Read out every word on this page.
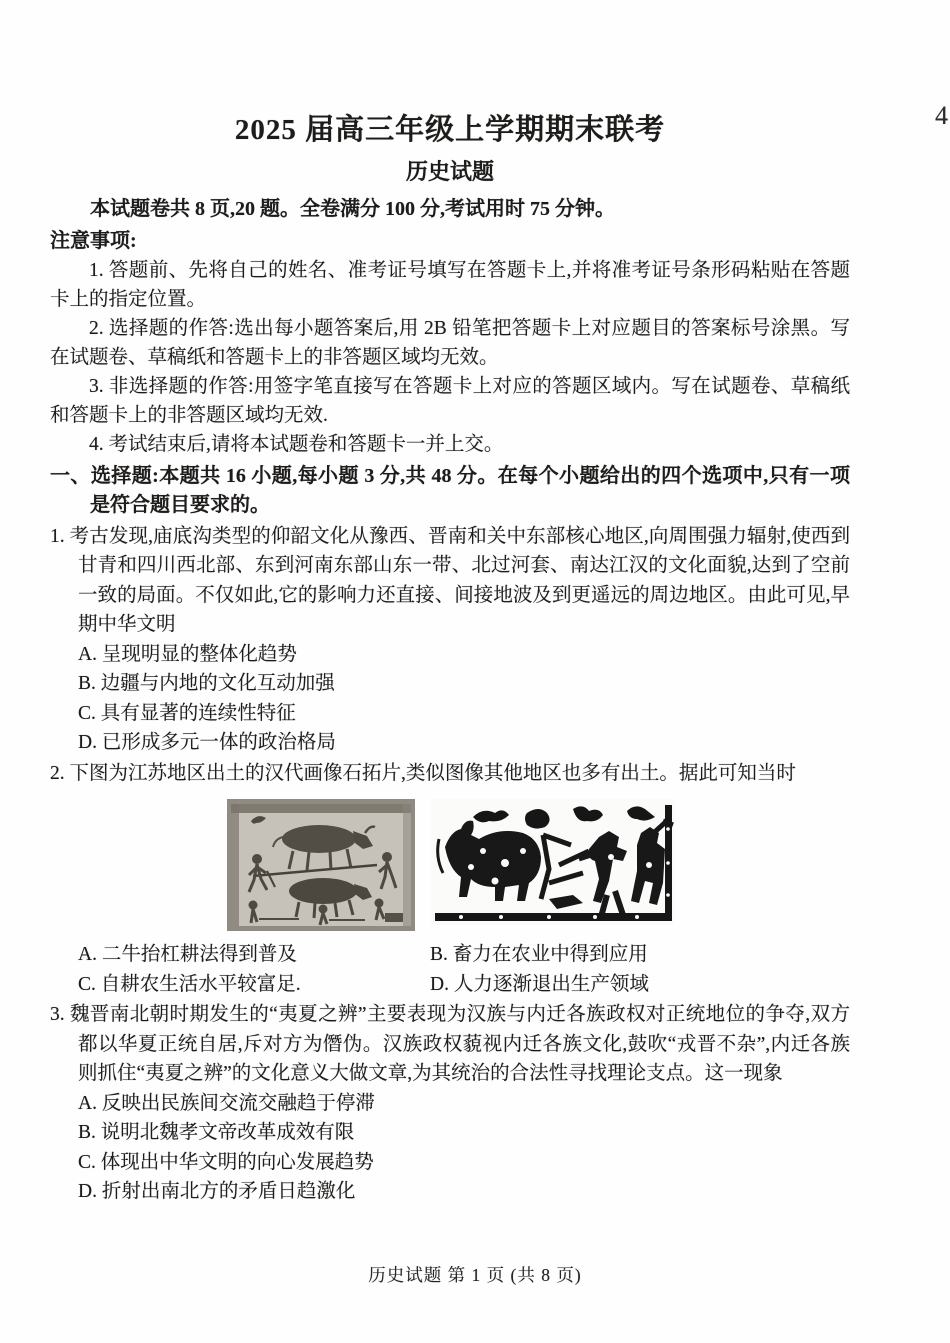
4
2025 届高三年级上学期期末联考
历史试题

本试题卷共 8 页,20 题。全卷满分 100 分,考试用时 75 分钟。

注意事项:

1. 答题前、先将自己的姓名、准考证号填写在答题卡上,并将准考证号条形码粘贴在答题卡上的指定位置。

2. 选择题的作答:选出每小题答案后,用 2B 铅笔把答题卡上对应题目的答案标号涂黑。写在试题卷、草稿纸和答题卡上的非答题区域均无效。

3. 非选择题的作答:用签字笔直接写在答题卡上对应的答题区域内。写在试题卷、草稿纸和答题卡上的非答题区域均无效.

4. 考试结束后,请将本试题卷和答题卡一并上交。

一、选择题:本题共 16 小题,每小题 3 分,共 48 分。在每个小题给出的四个选项中,只有一项是符合题目要求的。

1. 考古发现,庙底沟类型的仰韶文化从豫西、晋南和关中东部核心地区,向周围强力辐射,使西到甘青和四川西北部、东到河南东部山东一带、北过河套、南达江汉的文化面貌,达到了空前一致的局面。不仅如此,它的影响力还直接、间接地波及到更遥远的周边地区。由此可见,早期中华文明

A. 呈现明显的整体化趋势
B. 边疆与内地的文化互动加强
C. 具有显著的连续性特征
D. 已形成多元一体的政治格局

2. 下图为江苏地区出土的汉代画像石拓片,类似图像其他地区也多有出土。据此可知当时

A. 二牛抬杠耕法得到普及	B. 畜力在农业中得到应用
C. 自耕农生活水平较富足.	D. 人力逐渐退出生产领域

3. 魏晋南北朝时期发生的“夷夏之辨”主要表现为汉族与内迁各族政权对正统地位的争夺,双方都以华夏正统自居,斥对方为僭伪。汉族政权藐视内迁各族文化,鼓吹“戎晋不杂”,内迁各族则抓住“夷夏之辨”的文化意义大做文章,为其统治的合法性寻找理论支点。这一现象

A. 反映出民族间交流交融趋于停滞
B. 说明北魏孝文帝改革成效有限
C. 体现出中华文明的向心发展趋势
D. 折射出南北方的矛盾日趋激化
历史试题 第 1 页 (共 8 页)
